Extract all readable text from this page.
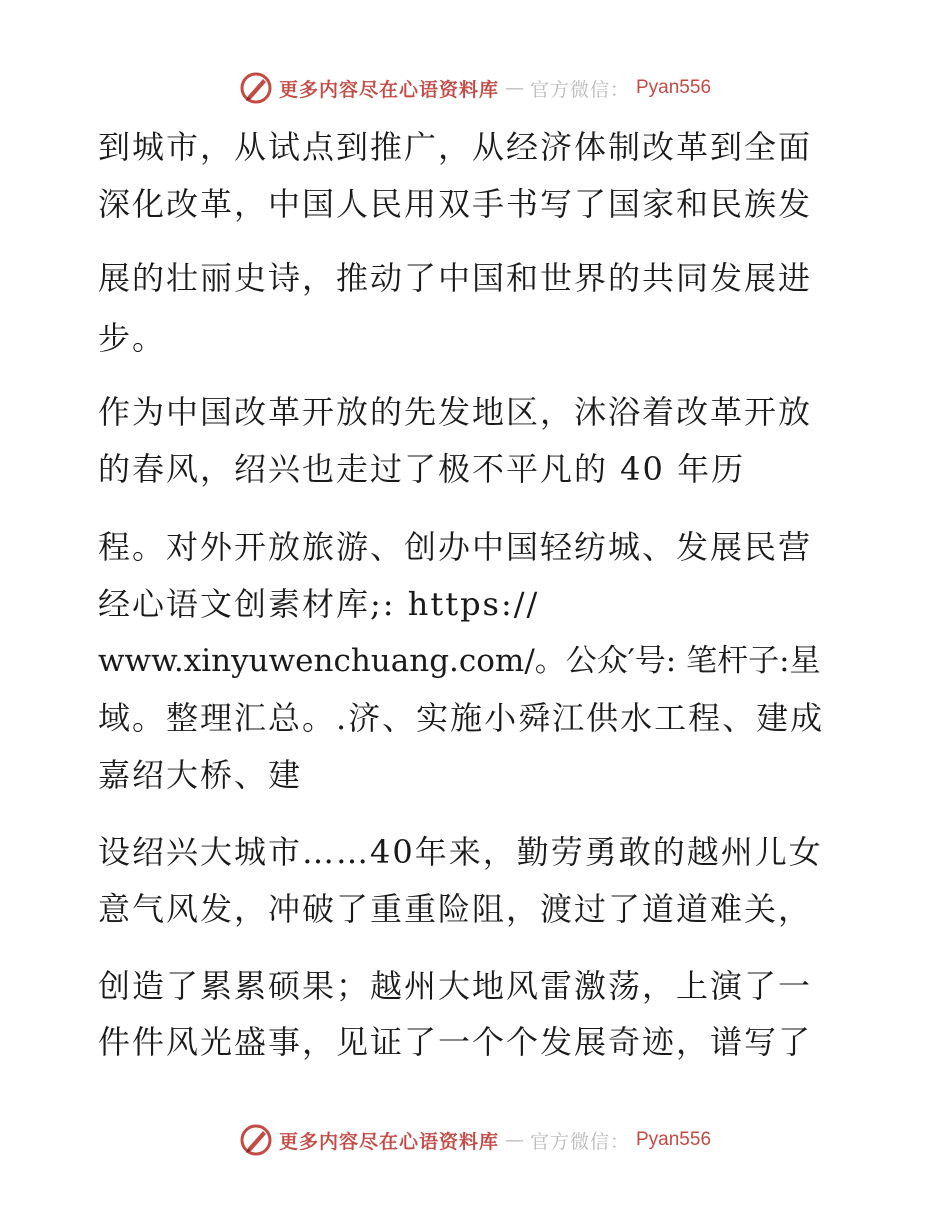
更多内容尽在心语资料库 — 官方微信： Pyan556
到城市，从试点到推广，从经济体制改革到全面
深化改革，中国人民用双手书写了国家和民族发
展的壮丽史诗，推动了中国和世界的共同发展进
步。
作为中国改革开放的先发地区，沐浴着改革开放
的春风，绍兴也走过了极不平凡的 40 年历
程。对外开放旅游、创办中国轻纺城、发展民营
经心语文创素材库;: https://
www.xinyuwenchuang.com/。公众′号: 笔杆子:星
域。整理汇总。.济、实施小舜江供水工程、建成
嘉绍大桥、建
设绍兴大城市……40年来，勤劳勇敢的越州儿女
意气风发，冲破了重重险阻，渡过了道道难关，
创造了累累硕果；越州大地风雷激荡，上演了一
件件风光盛事，见证了一个个发展奇迹，谱写了
更多内容尽在心语资料库 — 官方微信： Pyan556
